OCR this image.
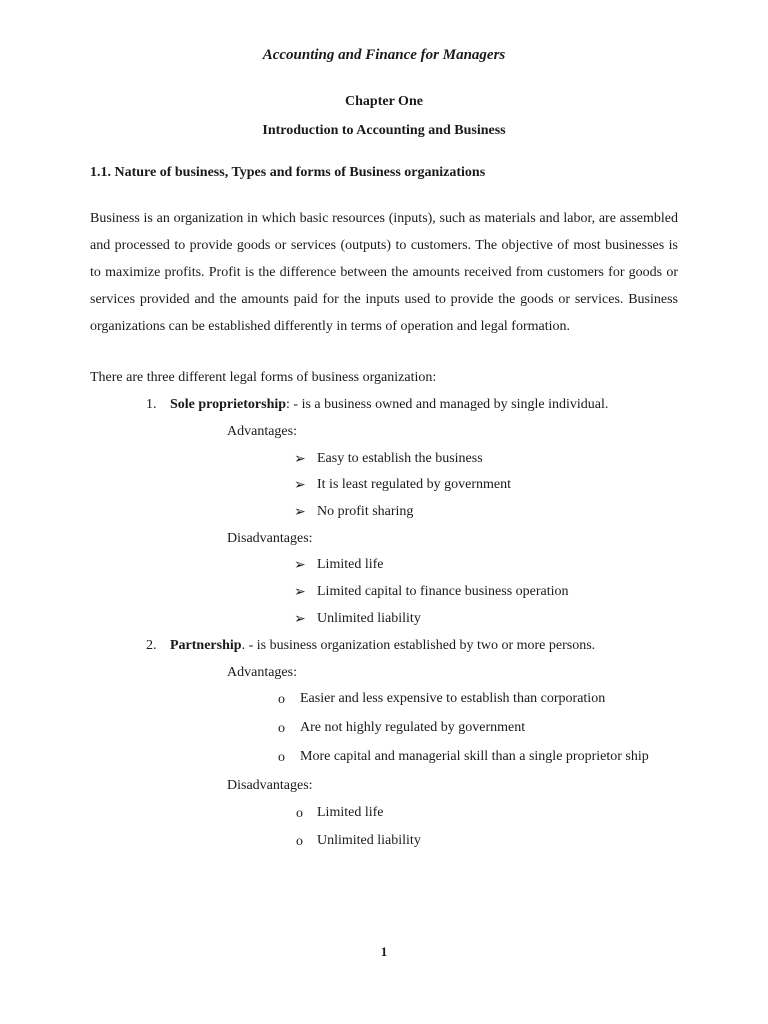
Accounting and Finance for Managers
Chapter One
Introduction to Accounting and Business
1.1. Nature of business, Types and forms of Business organizations

Business is an organization in which basic resources (inputs), such as materials and labor, are assembled and processed to provide goods or services (outputs) to customers. The objective of most businesses is to maximize profits. Profit is the difference between the amounts received from customers for goods or services provided and the amounts paid for the inputs used to provide the goods or services. Business organizations can be established differently in terms of operation and legal formation.

There are three different legal forms of business organization:
1. Sole proprietorship: - is a business owned and managed by single individual.
Advantages:
➢ Easy to establish the business
➢ It is least regulated by government
➢ No profit sharing
Disadvantages:
➢ Limited life
➢ Limited capital to finance business operation
➢ Unlimited liability
2. Partnership. - is business organization established by two or more persons.
Advantages:
o Easier and less expensive to establish than corporation
o Are not highly regulated by government
o More capital and managerial skill than a single proprietor ship
Disadvantages:
o Limited life
o Unlimited liability
1
